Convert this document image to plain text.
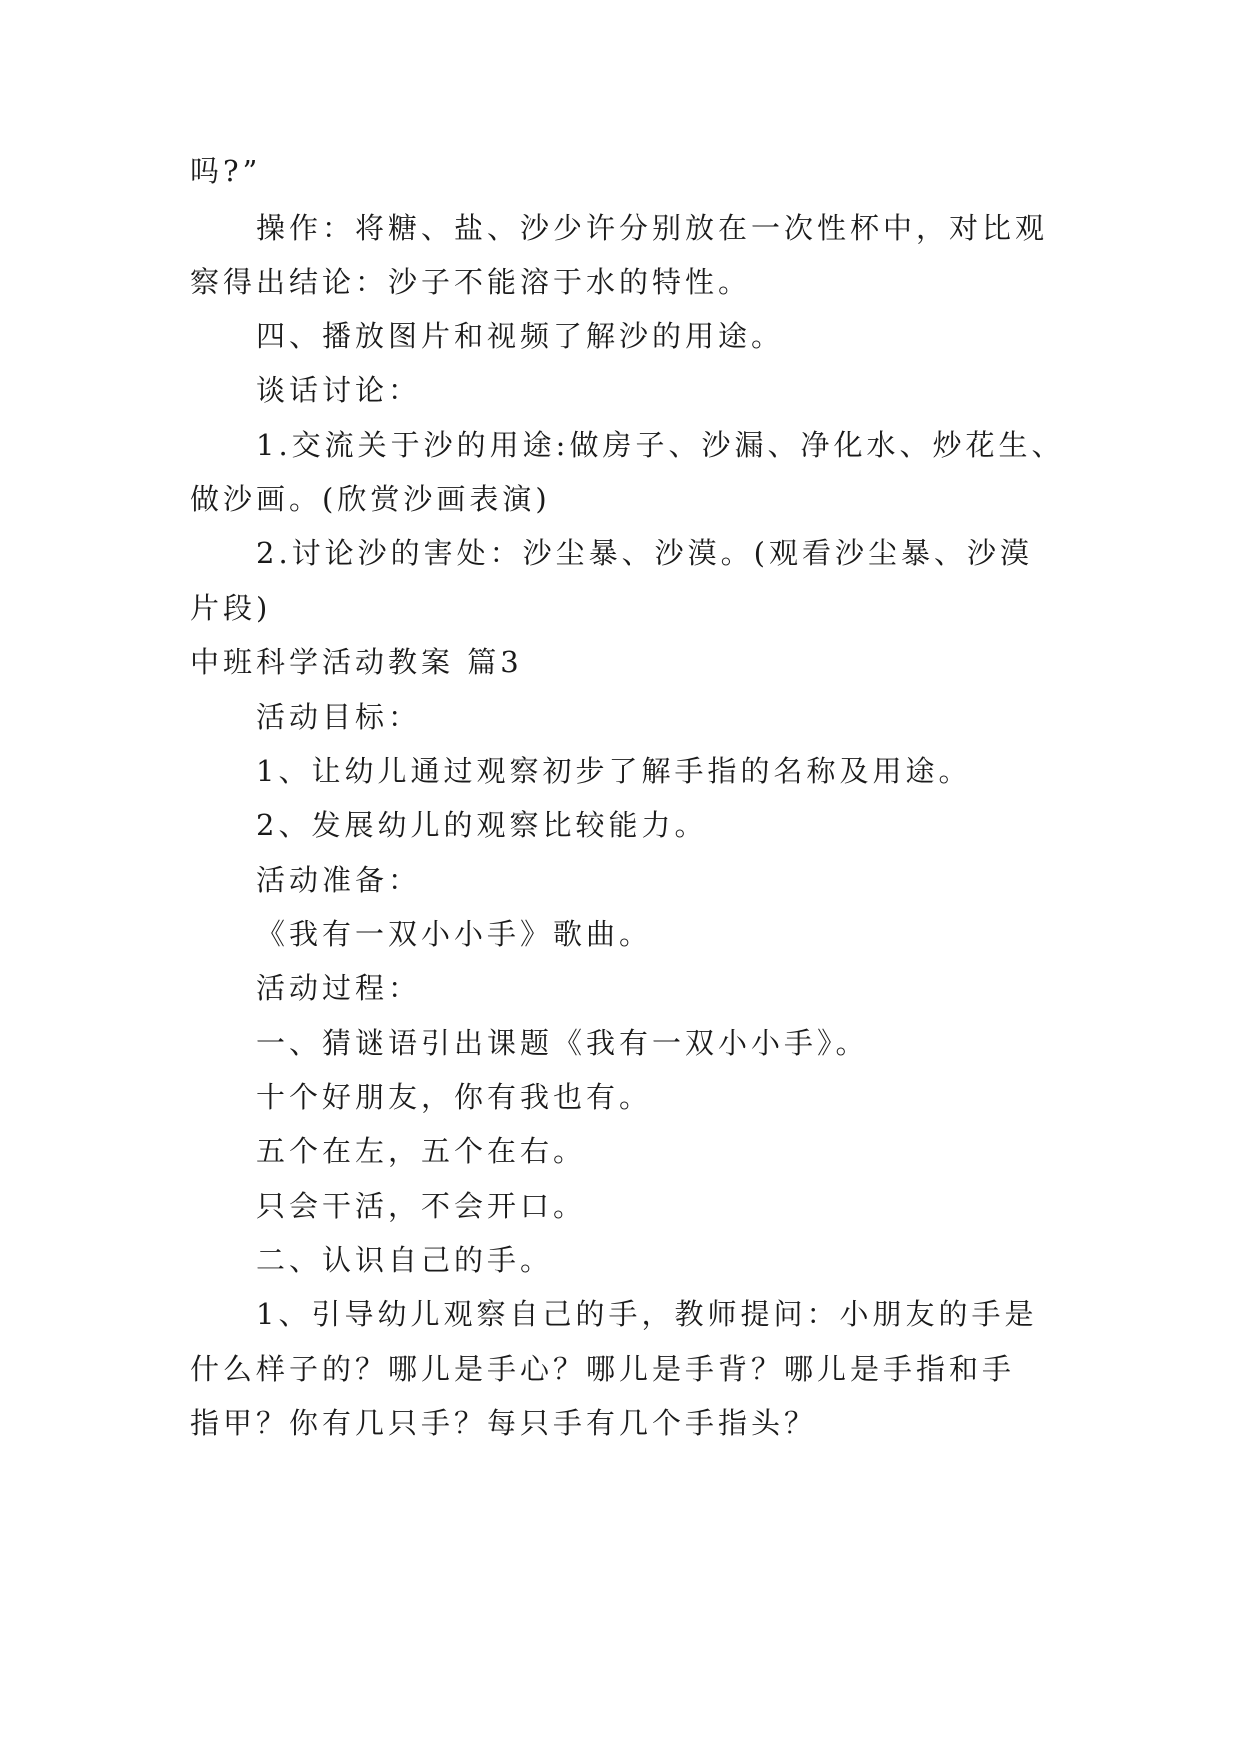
吗?”
操作：将糖、盐、沙少许分别放在一次性杯中，对比观
察得出结论：沙子不能溶于水的特性。
四、播放图片和视频了解沙的用途。
谈话讨论：
1.交流关于沙的用途:做房子、沙漏、净化水、炒花生、
做沙画。(欣赏沙画表演)
2.讨论沙的害处：沙尘暴、沙漠。(观看沙尘暴、沙漠
片段)
中班科学活动教案 篇3
活动目标：
1、让幼儿通过观察初步了解手指的名称及用途。
2、发展幼儿的观察比较能力。
活动准备：
《我有一双小小手》歌曲。
活动过程：
一、猜谜语引出课题《我有一双小小手》。
十个好朋友，你有我也有。
五个在左，五个在右。
只会干活，不会开口。
二、认识自己的手。
1、引导幼儿观察自己的手，教师提问：小朋友的手是
什么样子的？哪儿是手心？哪儿是手背？哪儿是手指和手
指甲？你有几只手？每只手有几个手指头？
